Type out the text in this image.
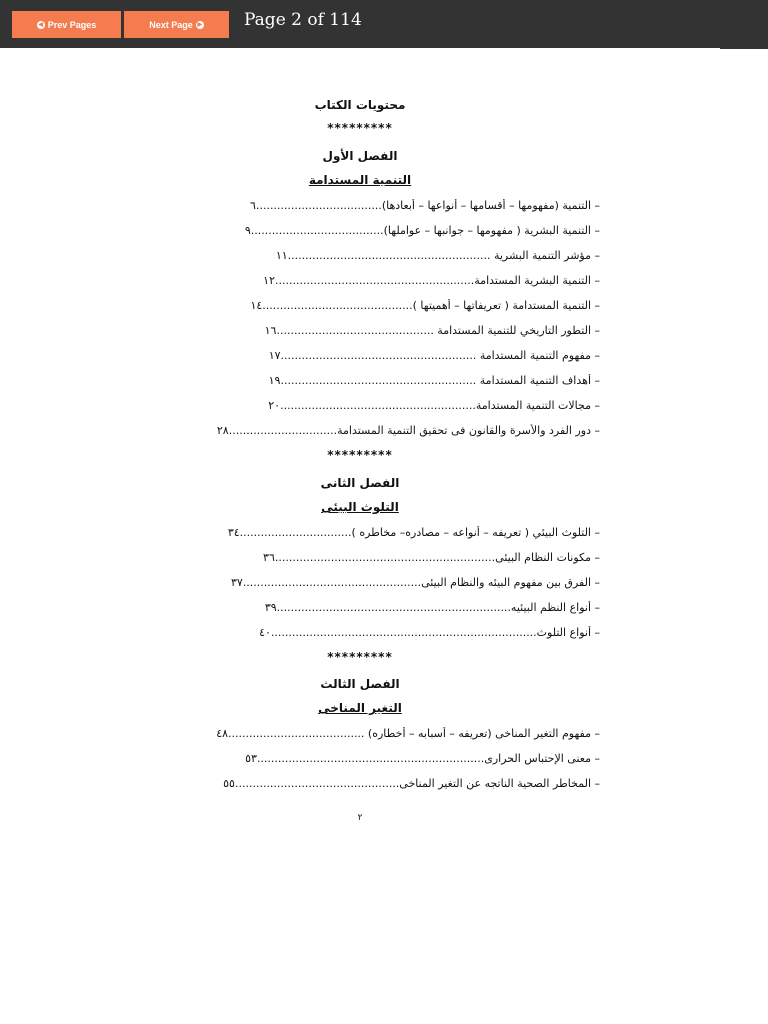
◀ Prev Pages	Next Page ▶ Page 2 of 114
محتويات الكتاب
*********
الفصل الأول
التنمية المستدامة
– التنمية (مفهومها – أقسامها – أنواعها – أبعادها)....................................٦
– التنمية البشرية ( مفهومها – جوانبها – عواملها)......................................٩
– مؤشر التنمية البشرية ..........................................................١١
– التنمية البشرية المستدامة.........................................................١٢
– التنمية المستدامة ( تعريفاتها – أهميتها )...........................................١٤
– التطور التاريخي للتنمية المستدامة .............................................١٦
– مفهوم التنمية المستدامة ........................................................١٧
– أهداف التنمية المستدامة ........................................................١٩
– مجالات التنمية المستدامة........................................................٢٠
– دور الفرد والأسرة والقانون فى تحقيق التنمية المستدامة...............................٢٨
*********
الفصل الثانى
التلوث البيئى
– التلوث البيئي ( تعريفه – أنواعه – مصادره– مخاطره )................................٣٤
– مكونات النظام البيئى...............................................................٣٦
– الفرق بين مفهوم البيئه والنظام البيئى...................................................٣٧
– أنواع النظم البيئيه...................................................................٣٩
– أنواع التلوث............................................................................٤٠
*********
الفصل الثالث
التغير المناخى
– مفهوم التغير المناخى (تعريفه – أسبابه – أخطاره) .......................................٤٨
– معنى الإحتباس الحرارى.................................................................٥٣
– المخاطر الصحية الناتجه عن التغير المناخى...............................................٥٥
٢
